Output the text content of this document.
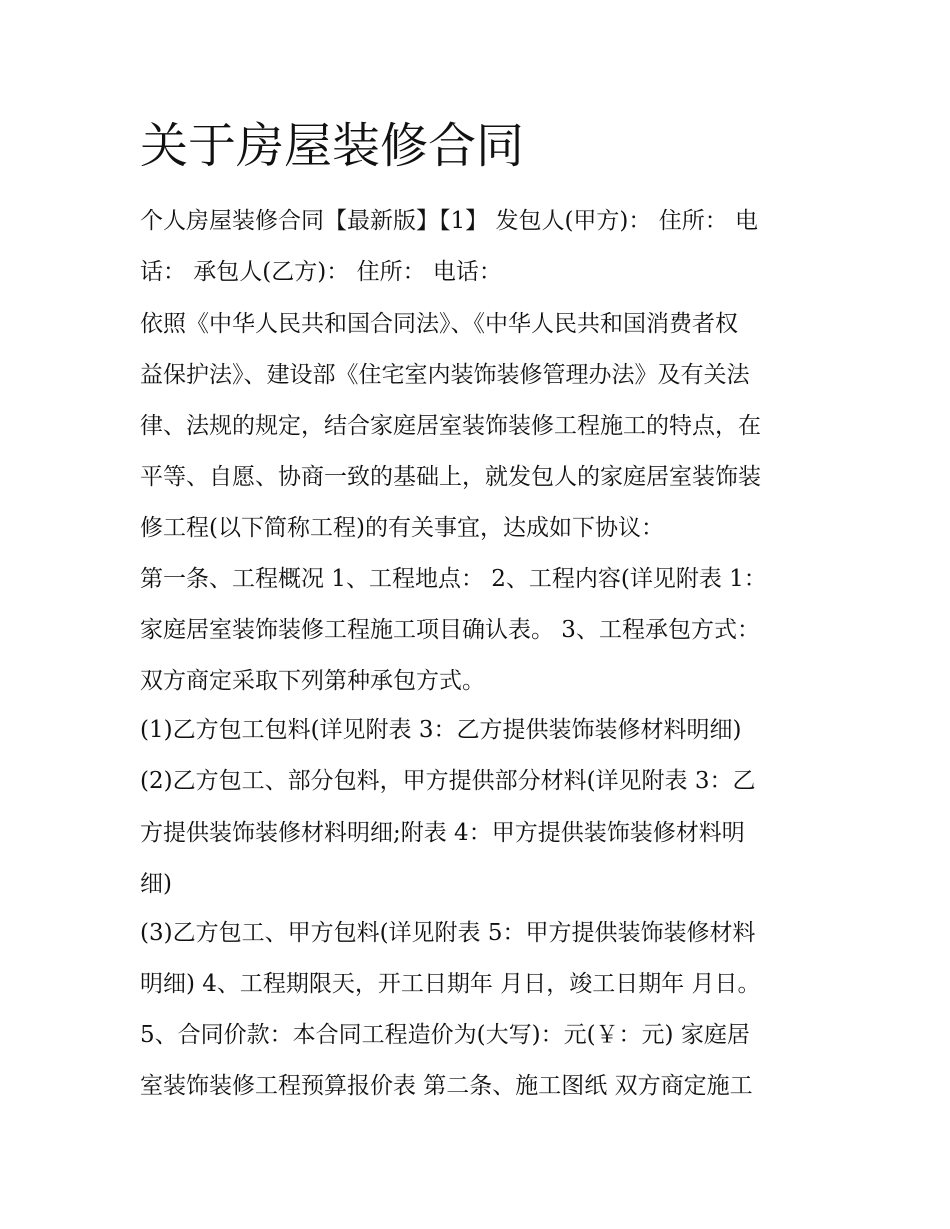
关于房屋装修合同

个人房屋装修合同【最新版】【1】 发包人(甲方)： 住所： 电

话： 承包人(乙方)： 住所： 电话：

依照《中华人民共和国合同法》、《中华人民共和国消费者权

益保护法》、建设部《住宅室内装饰装修管理办法》及有关法

律、法规的规定，结合家庭居室装饰装修工程施工的特点，在

平等、自愿、协商一致的基础上，就发包人的家庭居室装饰装

修工程(以下简称工程)的有关事宜，达成如下协议：

第一条、工程概况 1、工程地点： 2、工程内容(详见附表 1：

家庭居室装饰装修工程施工项目确认表。 3、工程承包方式：

双方商定采取下列第种承包方式。

(1)乙方包工包料(详见附表 3：乙方提供装饰装修材料明细)

(2)乙方包工、部分包料，甲方提供部分材料(详见附表 3：乙

方提供装饰装修材料明细;附表 4：甲方提供装饰装修材料明

细)

(3)乙方包工、甲方包料(详见附表 5：甲方提供装饰装修材料

明细) 4、工程期限天，开工日期年 月日，竣工日期年 月日。

5、合同价款：本合同工程造价为(大写)：元(￥：元) 家庭居

室装饰装修工程预算报价表 第二条、施工图纸 双方商定施工
